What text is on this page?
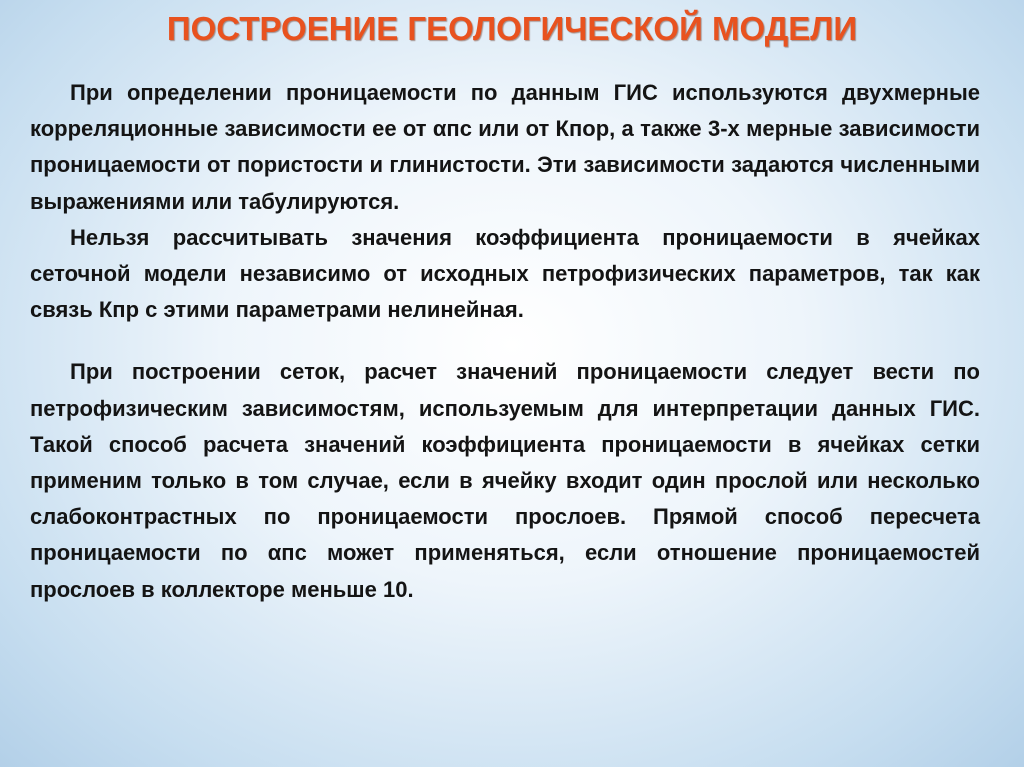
ПОСТРОЕНИЕ ГЕОЛОГИЧЕСКОЙ МОДЕЛИ

При определении проницаемости по данным ГИС используются двухмерные корреляционные зависимости ее от αпс или от Кпор, а также 3-х мерные зависимости проницаемости от пористости и глинистости. Эти зависимости задаются численными выражениями или табулируются.

Нельзя рассчитывать значения коэффициента проницаемости в ячейках сеточной модели независимо от исходных петрофизических параметров, так как связь Кпр с этими параметрами нелинейная.

При построении сеток, расчет значений проницаемости следует вести по петрофизическим зависимостям, используемым для интерпретации данных ГИС. Такой способ расчета значений коэффициента проницаемости в ячейках сетки применим только в том случае, если в ячейку входит один прослой или несколько слабоконтрастных по проницаемости прослоев. Прямой способ пересчета проницаемости по αпс может применяться, если отношение проницаемостей прослоев в коллекторе меньше 10.
